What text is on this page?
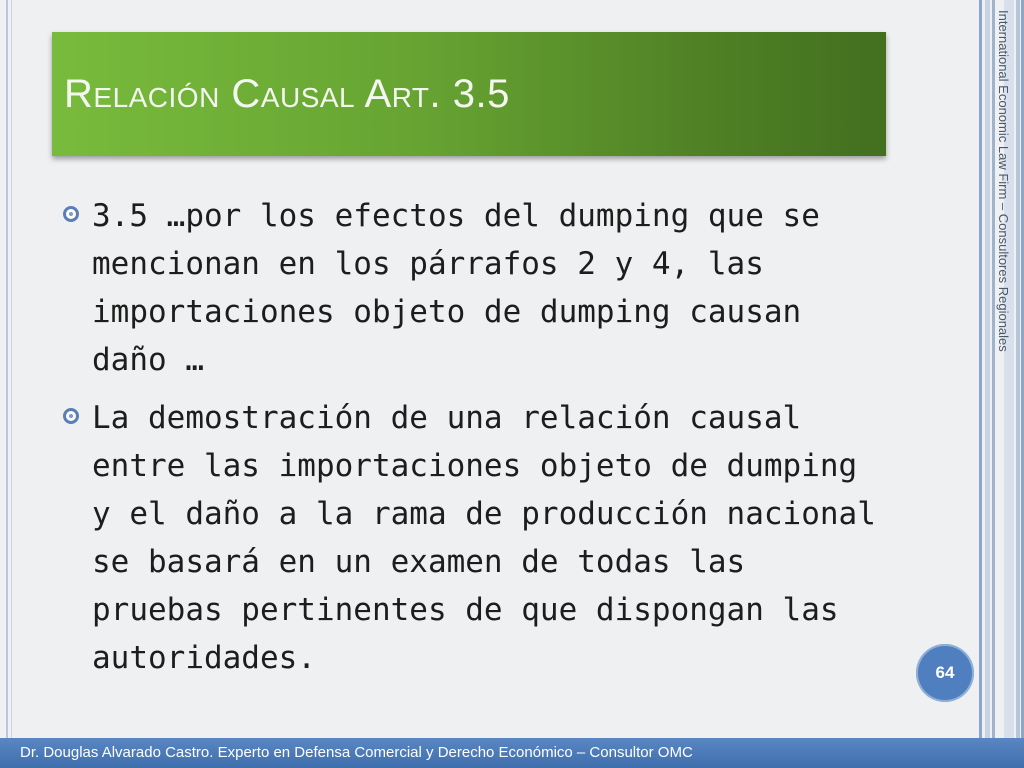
International Economic Law Firm – Consultores Regionales
Relación Causal Art. 3.5
3.5 …por los efectos del dumping que se mencionan en los párrafos 2 y 4, las importaciones objeto de dumping causan daño …
La demostración de una relación causal entre las importaciones objeto de dumping y el daño a la rama de producción nacional se basará en un examen de todas las pruebas pertinentes de que dispongan las autoridades.	64
Dr. Douglas Alvarado Castro. Experto en Defensa Comercial y Derecho Económico – Consultor OMC
